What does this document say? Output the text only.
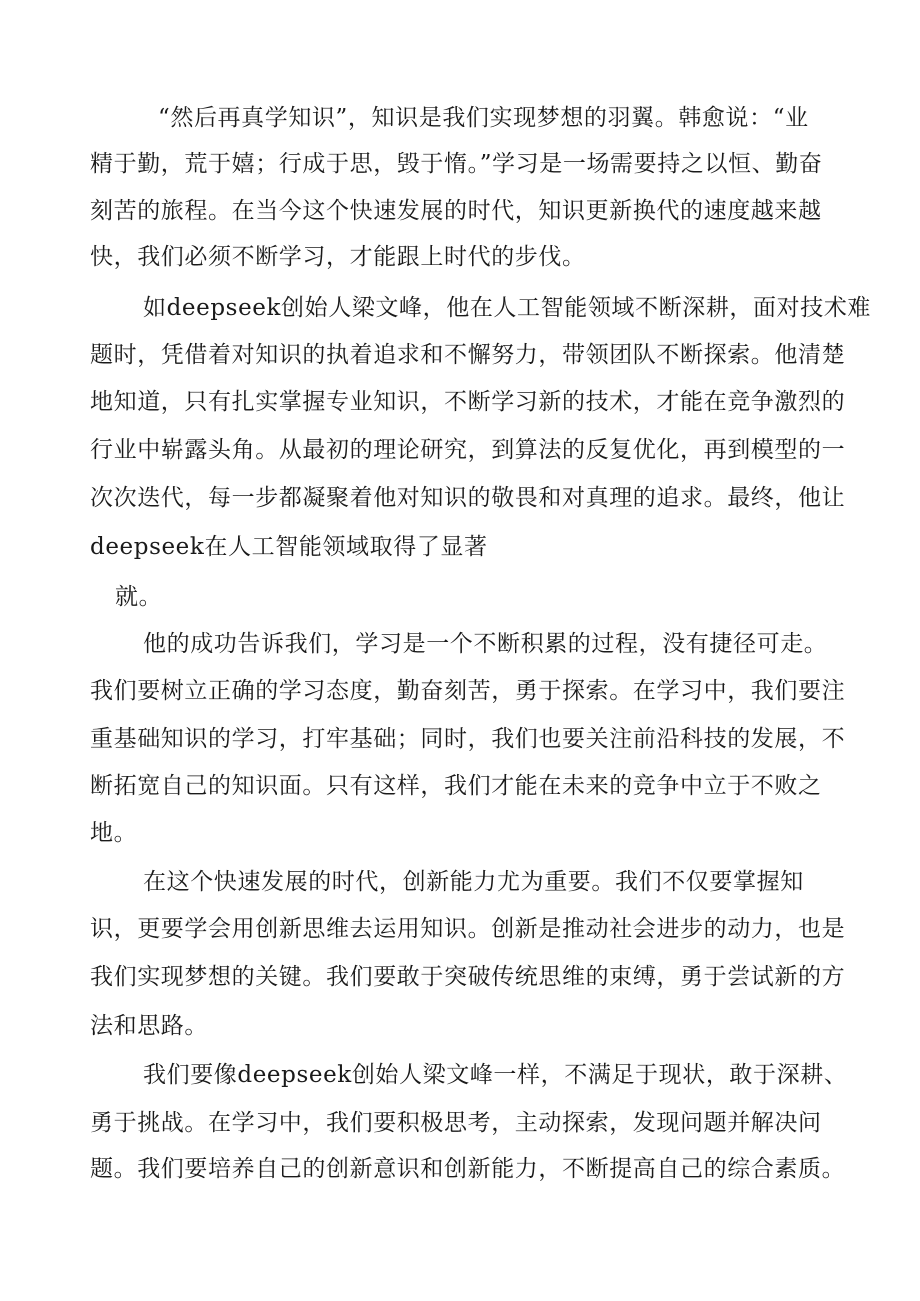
“然后再真学知识”，知识是我们实现梦想的羽翼。韩愈说：“业
精于勤，荒于嬉；行成于思，毁于惰。”学习是一场需要持之以恒、勤奋
刻苦的旅程。在当今这个快速发展的时代，知识更新换代的速度越来越
快，我们必须不断学习，才能跟上时代的步伐。
如deepseek创始人梁文峰，他在人工智能领域不断深耕，面对技术难
题时，凭借着对知识的执着追求和不懈努力，带领团队不断探索。他清楚
地知道，只有扎实掌握专业知识，不断学习新的技术，才能在竞争激烈的
行业中崭露头角。从最初的理论研究，到算法的反复优化，再到模型的一
次次迭代，每一步都凝聚着他对知识的敬畏和对真理的追求。最终，他让
deepseek在人工智能领域取得了显著
就。
他的成功告诉我们，学习是一个不断积累的过程，没有捷径可走。
我们要树立正确的学习态度，勤奋刻苦，勇于探索。在学习中，我们要注
重基础知识的学习，打牢基础；同时，我们也要关注前沿科技的发展，不
断拓宽自己的知识面。只有这样，我们才能在未来的竞争中立于不败之
地。
在这个快速发展的时代，创新能力尤为重要。我们不仅要掌握知
识，更要学会用创新思维去运用知识。创新是推动社会进步的动力，也是
我们实现梦想的关键。我们要敢于突破传统思维的束缚，勇于尝试新的方
法和思路。
我们要像deepseek创始人梁文峰一样，不满足于现状，敢于深耕、
勇于挑战。在学习中，我们要积极思考，主动探索，发现问题并解决问
题。我们要培养自己的创新意识和创新能力，不断提高自己的综合素质。
